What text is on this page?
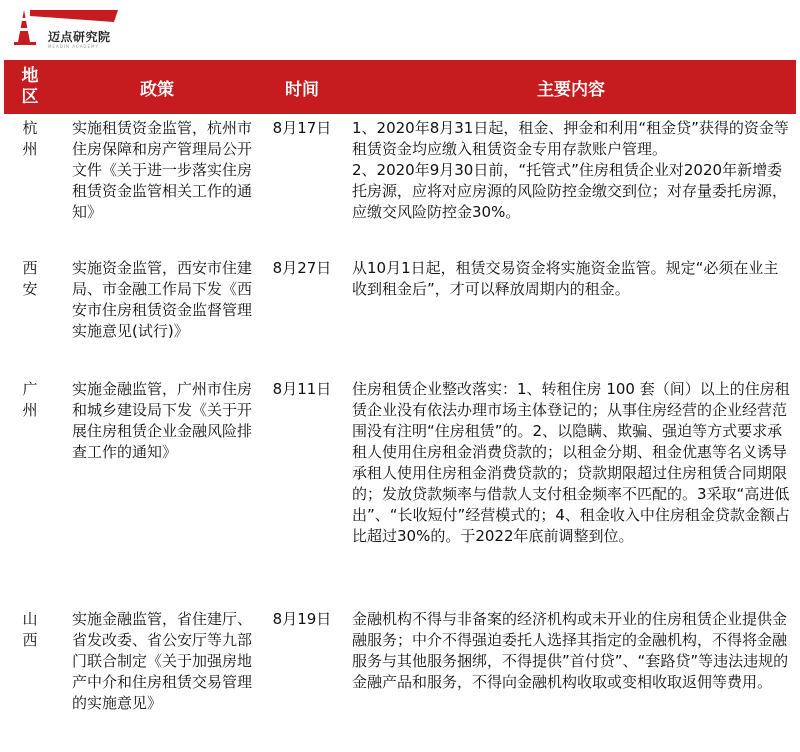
迈点研究院
MEADIN ACADEMY
地区	政策	时间	主要内容

杭州	实施租赁资金监管，杭州市住房保障和房产管理局公开文件《关于进一步落实住房租赁资金监管相关工作的通知》	8月17日	1、2020年8月31日起，租金、押金和利用“租金贷”获得的资金等租赁资金均应缴入租赁资金专用存款账户管理。
2、2020年9月30日前，“托管式”住房租赁企业对2020年新增委托房源，应将对应房源的风险防控金缴交到位；对存量委托房源，应缴交风险防控金30%。

西安	实施资金监管，西安市住建局、市金融工作局下发《西安市住房租赁资金监督管理实施意见(试行)》	8月27日	从10月1日起，租赁交易资金将实施资金监管。规定“必须在业主收到租金后”，才可以释放周期内的租金。

广州	实施金融监管，广州市住房和城乡建设局下发《关于开展住房租赁企业金融风险排查工作的通知》	8月11日	住房租赁企业整改落实：1、转租住房 100 套（间）以上的住房租赁企业没有依法办理市场主体登记的；从事住房经营的企业经营范围没有注明“住房租赁”的。2、以隐瞒、欺骗、强迫等方式要求承租人使用住房租金消费贷款的；以租金分期、租金优惠等名义诱导承租人使用住房租金消费贷款的；贷款期限超过住房租赁合同期限的；发放贷款频率与借款人支付租金频率不匹配的。3采取“高进低出”、“长收短付”经营模式的；4、租金收入中住房租金贷款金额占比超过30%的。于2022年底前调整到位。

山西	实施金融监管，省住建厅、省发改委、省公安厅等九部门联合制定《关于加强房地产中介和住房租赁交易管理的实施意见》	8月19日	金融机构不得与非备案的经济机构或未开业的住房租赁企业提供金融服务；中介不得强迫委托人选择其指定的金融机构，不得将金融服务与其他服务捆绑，不得提供”首付贷”、“套路贷”等违法违规的金融产品和服务，不得向金融机构收取或变相收取返佣等费用。
